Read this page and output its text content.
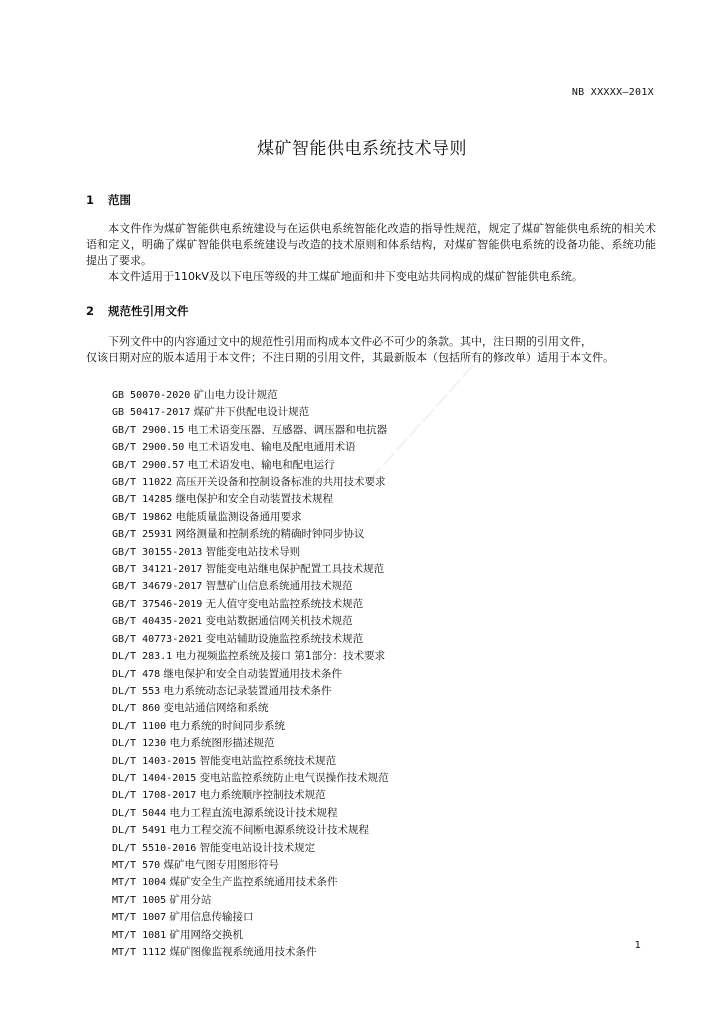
────────
NB XXXXX—201X
煤矿智能供电系统技术导则
1 范围

本文件作为煤矿智能供电系统建设与在运供电系统智能化改造的指导性规范，规定了煤矿智能供电系统的相关术语和定义，明确了煤矿智能供电系统建设与改造的技术原则和体系结构，对煤矿智能供电系统的设备功能、系统功能提出了要求。

本文件适用于110kV及以下电压等级的井工煤矿地面和井下变电站共同构成的煤矿智能供电系统。

2 规范性引用文件

下列文件中的内容通过文中的规范性引用而构成本文件必不可少的条款。其中，注日期的引用文件，

仅该日期对应的版本适用于本文件；不注日期的引用文件，其最新版本（包括所有的修改单）适用于本文件。

GB 50070-2020 矿山电力设计规范
GB 50417-2017 煤矿井下供配电设计规范
GB/T 2900.15 电工术语变压器、互感器、调压器和电抗器
GB/T 2900.50 电工术语发电、输电及配电通用术语
GB/T 2900.57 电工术语发电、输电和配电运行
GB/T 11022 高压开关设备和控制设备标准的共用技术要求
GB/T 14285 继电保护和安全自动装置技术规程
GB/T 19862 电能质量监测设备通用要求
GB/T 25931 网络测量和控制系统的精确时钟同步协议
GB/T 30155-2013 智能变电站技术导则
GB/T 34121-2017 智能变电站继电保护配置工具技术规范
GB/T 34679-2017 智慧矿山信息系统通用技术规范
GB/T 37546-2019 无人值守变电站监控系统技术规范
GB/T 40435-2021 变电站数据通信网关机技术规范
GB/T 40773-2021 变电站辅助设施监控系统技术规范
DL/T 283.1 电力视频监控系统及接口 第1部分：技术要求
DL/T 478 继电保护和安全自动装置通用技术条件
DL/T 553 电力系统动态记录装置通用技术条件
DL/T 860 变电站通信网络和系统
DL/T 1100 电力系统的时间同步系统
DL/T 1230 电力系统图形描述规范
DL/T 1403-2015 智能变电站监控系统技术规范
DL/T 1404-2015 变电站监控系统防止电气误操作技术规范
DL/T 1708-2017 电力系统顺序控制技术规范
DL/T 5044 电力工程直流电源系统设计技术规程
DL/T 5491 电力工程交流不间断电源系统设计技术规程
DL/T 5510-2016 智能变电站设计技术规定
MT/T 570 煤矿电气图专用图形符号
MT/T 1004 煤矿安全生产监控系统通用技术条件
MT/T 1005 矿用分站
MT/T 1007 矿用信息传输接口
MT/T 1081 矿用网络交换机
MT/T 1112 煤矿图像监视系统通用技术条件
1
